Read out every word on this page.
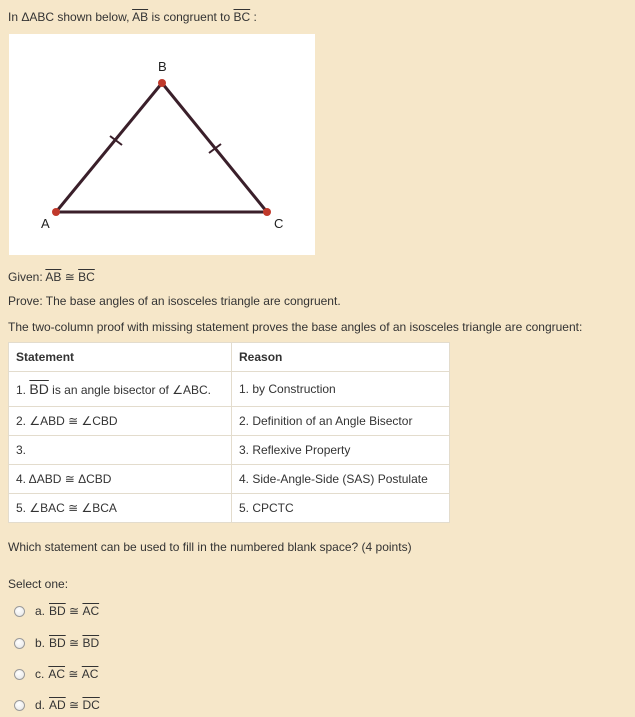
In ΔABC shown below, $\overline{AB}$ is congruent to $\overline{BC}$ :
B
A	C
Given: $\overline{AB}$ ≅ $\overline{BC}$
Prove: The base angles of an isosceles triangle are congruent.
The two-column proof with missing statement proves the base angles of an isosceles triangle are congruent:
Statement	Reason
1. $\overline{BD}$ is an angle bisector of ∠ABC.	1. by Construction
2. ∠ABD ≅ ∠CBD	2. Definition of an Angle Bisector
3.	3. Reflexive Property
4. ΔABD ≅ ΔCBD	4. Side-Angle-Side (SAS) Postulate
5. ∠BAC ≅ ∠BCA	5. CPCTC
Which statement can be used to fill in the numbered blank space? (4 points)
Select one:
a. $\overline{BD}$
≅
$\overline{AC}$
b. $\overline{BD}$
≅
$\overline{BD}$
c. $\overline{AC}$
≅
$\overline{AC}$
d. $\overline{AD}$
≅
$\overline{DC}$
